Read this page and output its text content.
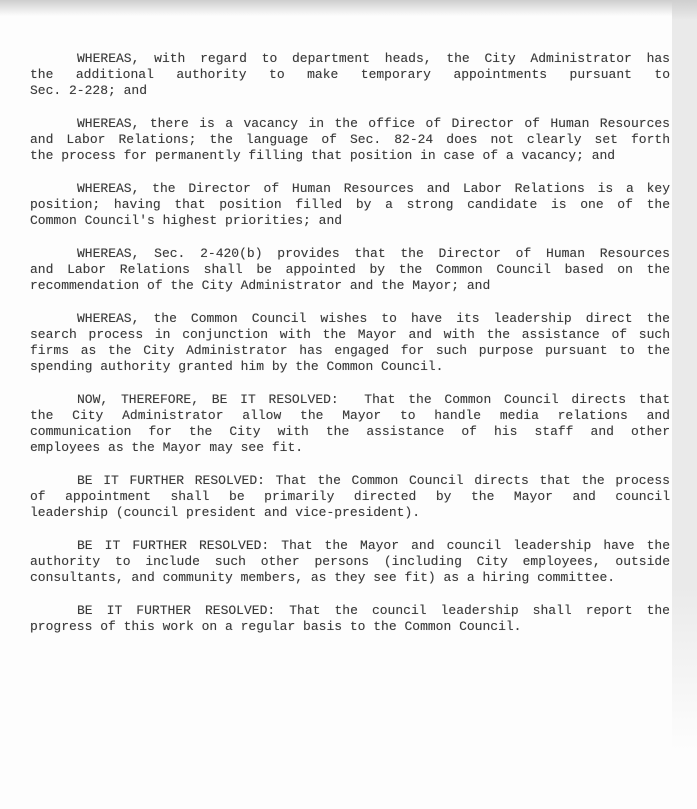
WHEREAS, with regard to department heads, the City Administrator has
the additional authority to make temporary appointments pursuant to
Sec. 2-228; and

WHEREAS, there is a vacancy in the office of Director of Human Resources
and Labor Relations; the language of Sec. 82-24 does not clearly set forth
the process for permanently filling that position in case of a vacancy; and

WHEREAS, the Director of Human Resources and Labor Relations is a key
position; having that position filled by a strong candidate is one of the
Common Council's highest priorities; and

WHEREAS, Sec. 2-420(b) provides that the Director of Human Resources
and Labor Relations shall be appointed by the Common Council based on the
recommendation of the City Administrator and the Mayor; and

WHEREAS, the Common Council wishes to have its leadership direct the
search process in conjunction with the Mayor and with the assistance of such
firms as the City Administrator has engaged for such purpose pursuant to the
spending authority granted him by the Common Council.

NOW, THEREFORE, BE IT RESOLVED:  That the Common Council directs that
the City Administrator allow the Mayor to handle media relations and
communication for the City with the assistance of his staff and other
employees as the Mayor may see fit.

BE IT FURTHER RESOLVED: That the Common Council directs that the process
of appointment shall be primarily directed by the Mayor and council
leadership (council president and vice-president).

BE IT FURTHER RESOLVED: That the Mayor and council leadership have the
authority to include such other persons (including City employees, outside
consultants, and community members, as they see fit) as a hiring committee.

BE IT FURTHER RESOLVED: That the council leadership shall report the
progress of this work on a regular basis to the Common Council.
